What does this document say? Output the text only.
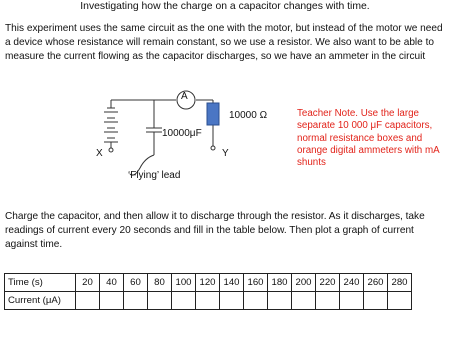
Investigating how the charge on a capacitor changes with time.
This experiment uses the same circuit as the one with the motor, but instead of the motor we need a device whose resistance will remain constant, so we use a resistor. We also want to be able to measure the current flowing as the capacitor discharges, so we have an ammeter in the circuit
A
10000 Ω
10000μF
X	Y
‘Flying’ lead
Teacher Note. Use the large separate 10 000 μF capacitors, normal resistance boxes and orange digital ammeters with mA shunts
Charge the capacitor, and then allow it to discharge through the resistor. As it discharges, take readings of current every 20 seconds and fill in the table below. Then plot a graph of current against time.
Time (s)	20	40	60	80	100	120	140	160	180	200	220	240	260	280
Current (μA)														
